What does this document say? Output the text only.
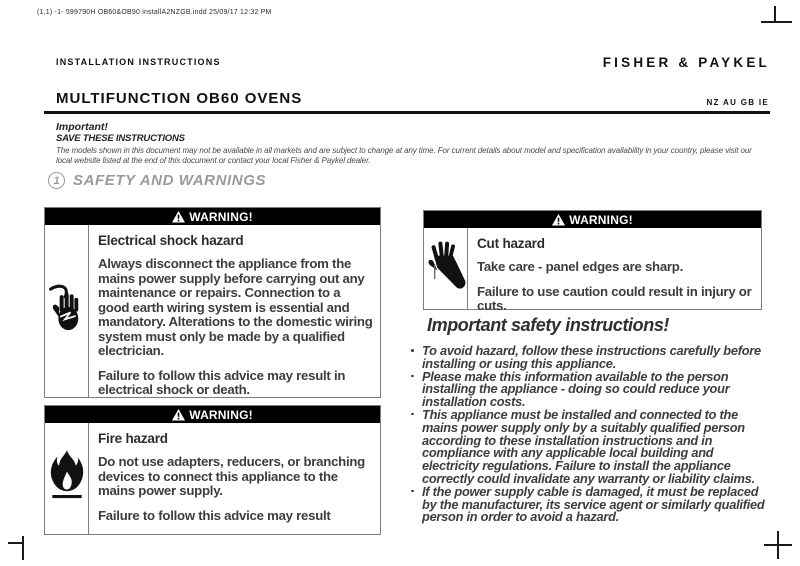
(1,1) -1- 599790H OB60&OB90 installA2NZGB.indd 25/09/17 12:32 PM
INSTALLATION INSTRUCTIONS	FISHER & PAYKEL
MULTIFUNCTION OB60 OVENS	NZ AU GB IE
Important!
SAVE THESE INSTRUCTIONS
The models shown in this document may not be available in all markets and are subject to change at any time. For current details about model and specification availability in your country, please visit our local website listed at the end of this document or contact your local Fisher & Paykel dealer.
1 SAFETY AND WARNINGS
WARNING!
Electrical shock hazard
Always disconnect the appliance from the mains power supply before carrying out any maintenance or repairs. Connection to a good earth wiring system is essential and mandatory. Alterations to the domestic wiring system must only be made by a qualified electrician.
Failure to follow this advice may result in electrical shock or death.
WARNING!
Fire hazard
Do not use adapters, reducers, or branching devices to connect this appliance to the mains power supply.
Failure to follow this advice may result
WARNING!
Cut hazard
Take care - panel edges are sharp.
Failure to use caution could result in injury or cuts.
Important safety instructions!
To avoid hazard, follow these instructions carefully before installing or using this appliance.
Please make this information available to the person installing the appliance - doing so could reduce your installation costs.
This appliance must be installed and connected to the mains power supply only by a suitably qualified person according to these installation instructions and in compliance with any applicable local building and electricity regulations. Failure to install the appliance correctly could invalidate any warranty or liability claims.
If the power supply cable is damaged, it must be replaced by the manufacturer, its service agent or similarly qualified person in order to avoid a hazard.
